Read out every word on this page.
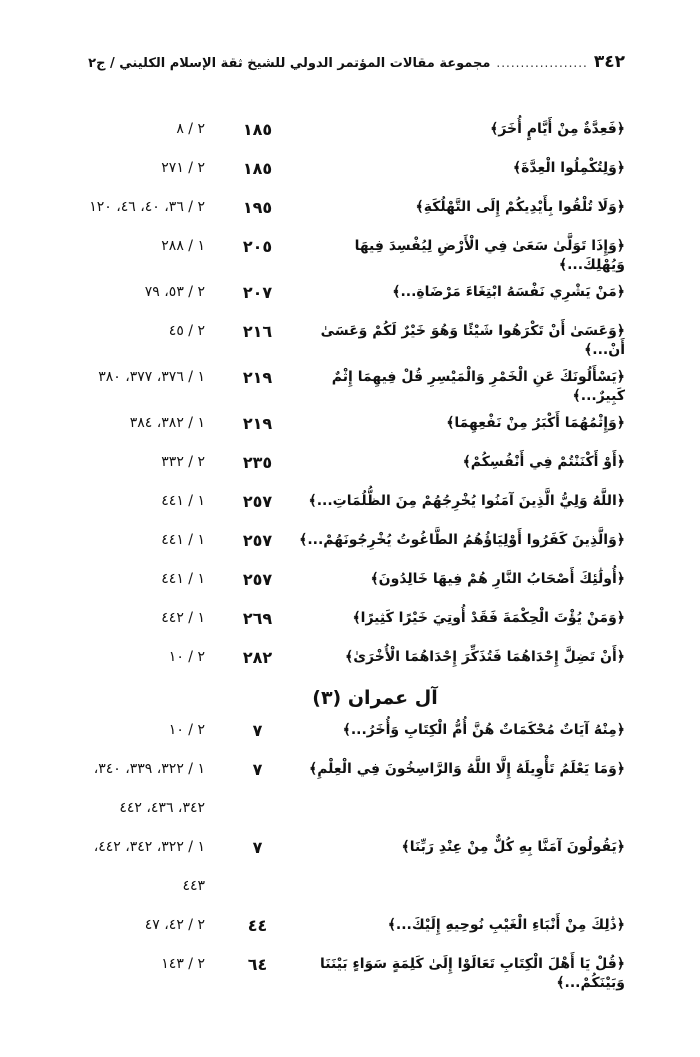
٣٤٢
...................
مجموعة مقالات المؤتمر الدولي للشيخ ثقة الإسلام الكليني / ج٢
﴿فَعِدَّةٌ مِنْ أَيَّامٍ أُخَرَ﴾
١٨٥
٢ / ٨
﴿وَلِتُكْمِلُوا الْعِدَّةَ﴾
١٨٥
٢ / ٢٧١
﴿وَلَا تُلْقُوا بِأَيْدِيكُمْ إِلَى التَّهْلُكَةِ﴾
١٩٥
٢ / ٣٦، ٤٠، ٤٦، ١٢٠
﴿وَإِذَا تَوَلَّىٰ سَعَىٰ فِي الْأَرْضِ لِيُفْسِدَ فِيهَا وَيُهْلِكَ...﴾
٢٠٥
١ / ٢٨٨
﴿مَنْ يَشْرِي نَفْسَهُ ابْتِغَاءَ مَرْضَاةِ...﴾
٢٠٧
٢ / ٥٣، ٧٩
﴿وَعَسَىٰ أَنْ تَكْرَهُوا شَيْئًا وَهُوَ خَيْرٌ لَكُمْ وَعَسَىٰ أَنْ...﴾
٢١٦
٢ / ٤٥
﴿يَسْأَلُونَكَ عَنِ الْخَمْرِ وَالْمَيْسِرِ قُلْ فِيهِمَا إِثْمٌ كَبِيرٌ...﴾
٢١٩
١ / ٣٧٦، ٣٧٧، ٣٨٠
﴿وَإِثْمُهُمَا أَكْبَرُ مِنْ نَفْعِهِمَا﴾
٢١٩
١ / ٣٨٢، ٣٨٤
﴿أَوْ أَكْنَنْتُمْ فِي أَنْفُسِكُمْ﴾
٢٣٥
٢ / ٣٣٢
﴿اللَّهُ وَلِيُّ الَّذِينَ آمَنُوا يُخْرِجُهُمْ مِنَ الظُّلُمَاتِ...﴾
٢٥٧
١ / ٤٤١
﴿وَالَّذِينَ كَفَرُوا أَوْلِيَاؤُهُمُ الطَّاغُوتُ يُخْرِجُونَهُمْ...﴾
٢٥٧
١ / ٤٤١
﴿أُولَٰئِكَ أَصْحَابُ النَّارِ هُمْ فِيهَا خَالِدُونَ﴾
٢٥٧
١ / ٤٤١
﴿وَمَنْ يُؤْتَ الْحِكْمَةَ فَقَدْ أُوتِيَ خَيْرًا كَثِيرًا﴾
٢٦٩
١ / ٤٤٢
﴿أَنْ تَضِلَّ إِحْدَاهُمَا فَتُذَكِّرَ إِحْدَاهُمَا الْأُخْرَىٰ﴾
٢٨٢
٢ / ١٠
آل عمران (٣)
﴿مِنْهُ آيَاتٌ مُحْكَمَاتٌ هُنَّ أُمُّ الْكِتَابِ وَأُخَرُ...﴾
٧
٢ / ١٠
﴿وَمَا يَعْلَمُ تَأْوِيلَهُ إِلَّا اللَّهُ وَالرَّاسِخُونَ فِي الْعِلْمِ﴾
٧
١ / ٣٢٢، ٣٣٩، ٣٤٠،
٣٤٢، ٤٣٦، ٤٤٢
﴿يَقُولُونَ آمَنَّا بِهِ كُلٌّ مِنْ عِنْدِ رَبِّنَا﴾
٧
١ / ٣٢٢، ٣٤٢، ٤٤٢،
٤٤٣
﴿ذَٰلِكَ مِنْ أَنْبَاءِ الْغَيْبِ نُوحِيهِ إِلَيْكَ...﴾
٤٤
٢ / ٤٢، ٤٧
﴿قُلْ يَا أَهْلَ الْكِتَابِ تَعَالَوْا إِلَىٰ كَلِمَةٍ سَوَاءٍ بَيْنَنَا وَبَيْنَكُمْ...﴾
٦٤
٢ / ١٤٣
